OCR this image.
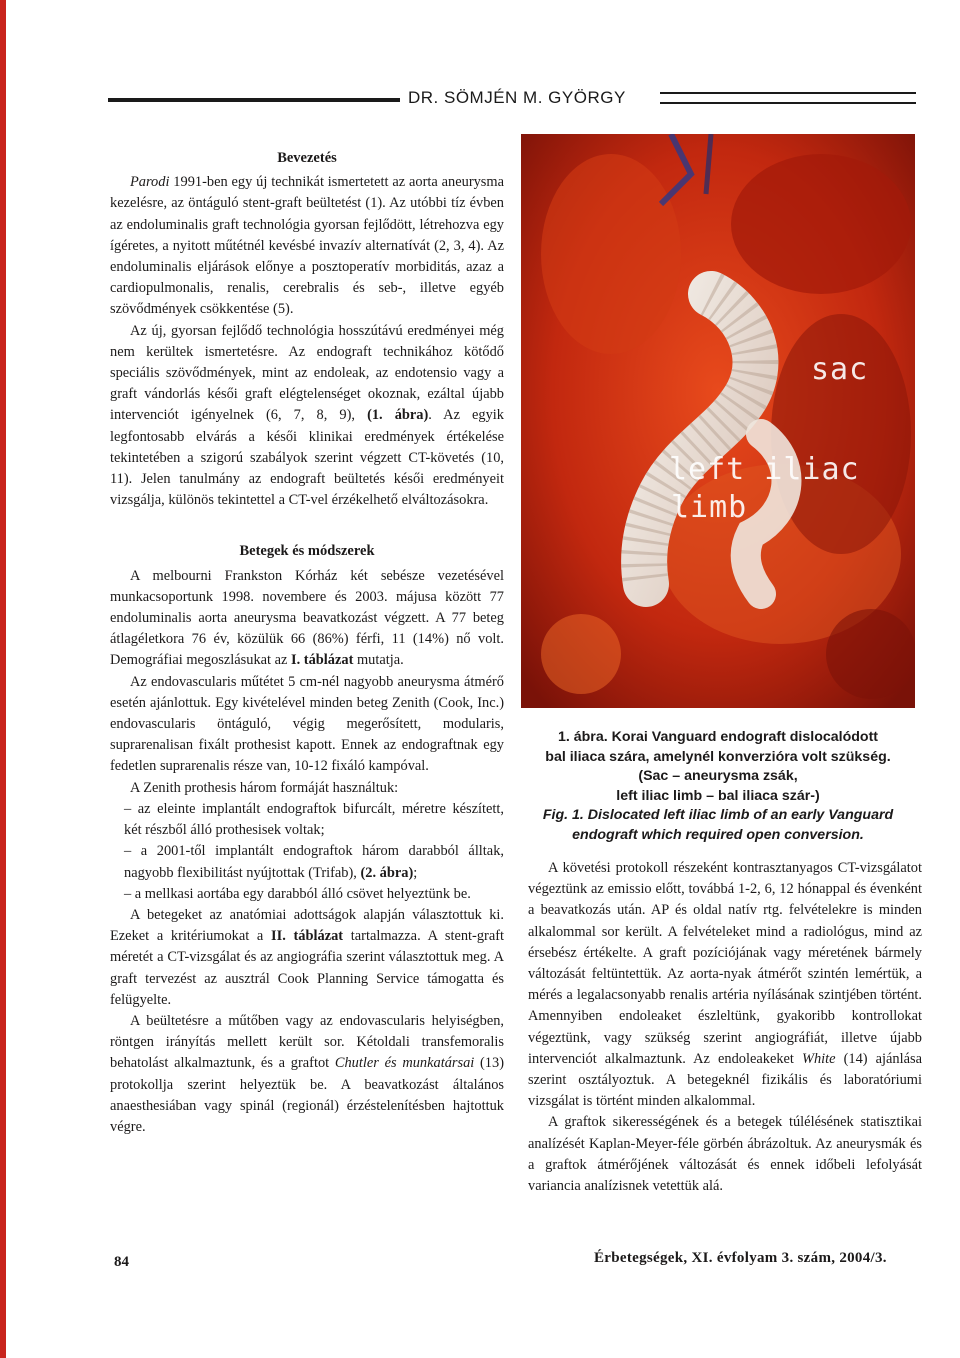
DR. SÖMJÉN M. GYÖRGY
Bevezetés

Parodi 1991-ben egy új technikát ismertetett az aorta aneurysma kezelésre, az öntáguló stent-graft beültetést (1). Az utóbbi tíz évben az endoluminalis graft technológia gyorsan fejlődött, létrehozva egy ígéretes, a nyitott műtétnél kevésbé invazív alternatívát (2, 3, 4). Az endoluminalis eljárások előnye a posztoperatív morbiditás, azaz a cardiopulmonalis, renalis, cerebralis és seb-, illetve egyéb szövődmények csökkentése (5).

Az új, gyorsan fejlődő technológia hosszútávú eredményei még nem kerültek ismertetésre. Az endograft technikához kötődő speciális szövődmények, mint az endoleak, az endotensio vagy a graft vándorlás késői graft elégtelenséget okoznak, ezáltal újabb intervenciót igényelnek (6, 7, 8, 9), (1. ábra). Az egyik legfontosabb elvárás a késői klinikai eredmények értékelése tekintetében a szigorú szabályok szerint végzett CT-követés (10, 11). Jelen tanulmány az endograft beültetés késői eredményeit vizsgálja, különös tekintettel a CT-vel érzékelhető elváltozásokra.

Betegek és módszerek

A melbourni Frankston Kórház két sebésze vezetésével munkacsoportunk 1998. novembere és 2003. májusa között 77 endoluminalis aorta aneurysma beavatkozást végzett. A 77 beteg átlagéletkora 76 év, közülük 66 (86%) férfi, 11 (14%) nő volt. Demográfiai megoszlásukat az I. táblázat mutatja.

Az endovascularis műtétet 5 cm-nél nagyobb aneurysma átmérő esetén ajánlottuk. Egy kivételével minden beteg Zenith (Cook, Inc.) endovascularis öntáguló, végig megerősített, modularis, suprarenalisan fixált prothesist kapott. Ennek az endograftnak egy fedetlen suprarenalis része van, 10-12 fixáló kampóval.

A Zenith prothesis három formáját használtuk:

– az eleinte implantált endograftok bifurcált, méretre készített, két részből álló prothesisek voltak;

– a 2001-től implantált endograftok három darabból álltak, nagyobb flexibilitást nyújtottak (Trifab), (2. ábra);

– a mellkasi aortába egy darabból álló csövet helyeztünk be.

A betegeket az anatómiai adottságok alapján választottuk ki. Ezeket a kritériumokat a II. táblázat tartalmazza. A stent-graft méretét a CT-vizsgálat és az angiográfia szerint választottuk meg. A graft tervezést az ausztrál Cook Planning Service támogatta és felügyelte.

A beültetésre a műtőben vagy az endovascularis helyiségben, röntgen irányítás mellett került sor. Kétoldali transfemoralis behatolást alkalmaztunk, és a graftot Chutler és munkatársai (13) protokollja szerint helyeztük be. A beavatkozást általános anaesthesiában vagy spinál (regionál) érzéstelenítésben hajtottuk végre.

sac
left iliac
limb
1. ábra. Korai Vanguard endograft dislocalódott
bal iliaca szára, amelynél konverzióra volt szükség.
(Sac – aneurysma zsák,
left iliac limb – bal iliaca szár-)
Fig. 1. Dislocated left iliac limb of an early Vanguard
endograft which required open conversion.

A követési protokoll részeként kontrasztanyagos CT-vizsgálatot végeztünk az emissio előtt, továbbá 1-2, 6, 12 hónappal és évenként a beavatkozás után. AP és oldal natív rtg. felvételekre is minden alkalommal sor került. A felvételeket mind a radiológus, mind az érsebész értékelte. A graft pozíciójának vagy méretének bármely változását feltüntettük. Az aorta-nyak átmérőt szintén lemértük, a mérés a legalacsonyabb renalis artéria nyílásának szintjében történt. Amennyiben endoleaket észleltünk, gyakoribb kontrollokat végeztünk, vagy szükség szerint angiográfiát, illetve újabb intervenciót alkalmaztunk. Az endoleakeket White (14) ajánlása szerint osztályoztuk. A betegeknél fizikális és laboratóriumi vizsgálat is történt minden alkalommal.

A graftok sikerességének és a betegek túlélésének statisztikai analízését Kaplan-Meyer-féle görbén ábrázoltuk. Az aneurysmák és a graftok átmérőjének változását és ennek időbeli lefolyását variancia analízisnek vetettük alá.

84	Érbetegségek, XI. évfolyam 3. szám, 2004/3.
